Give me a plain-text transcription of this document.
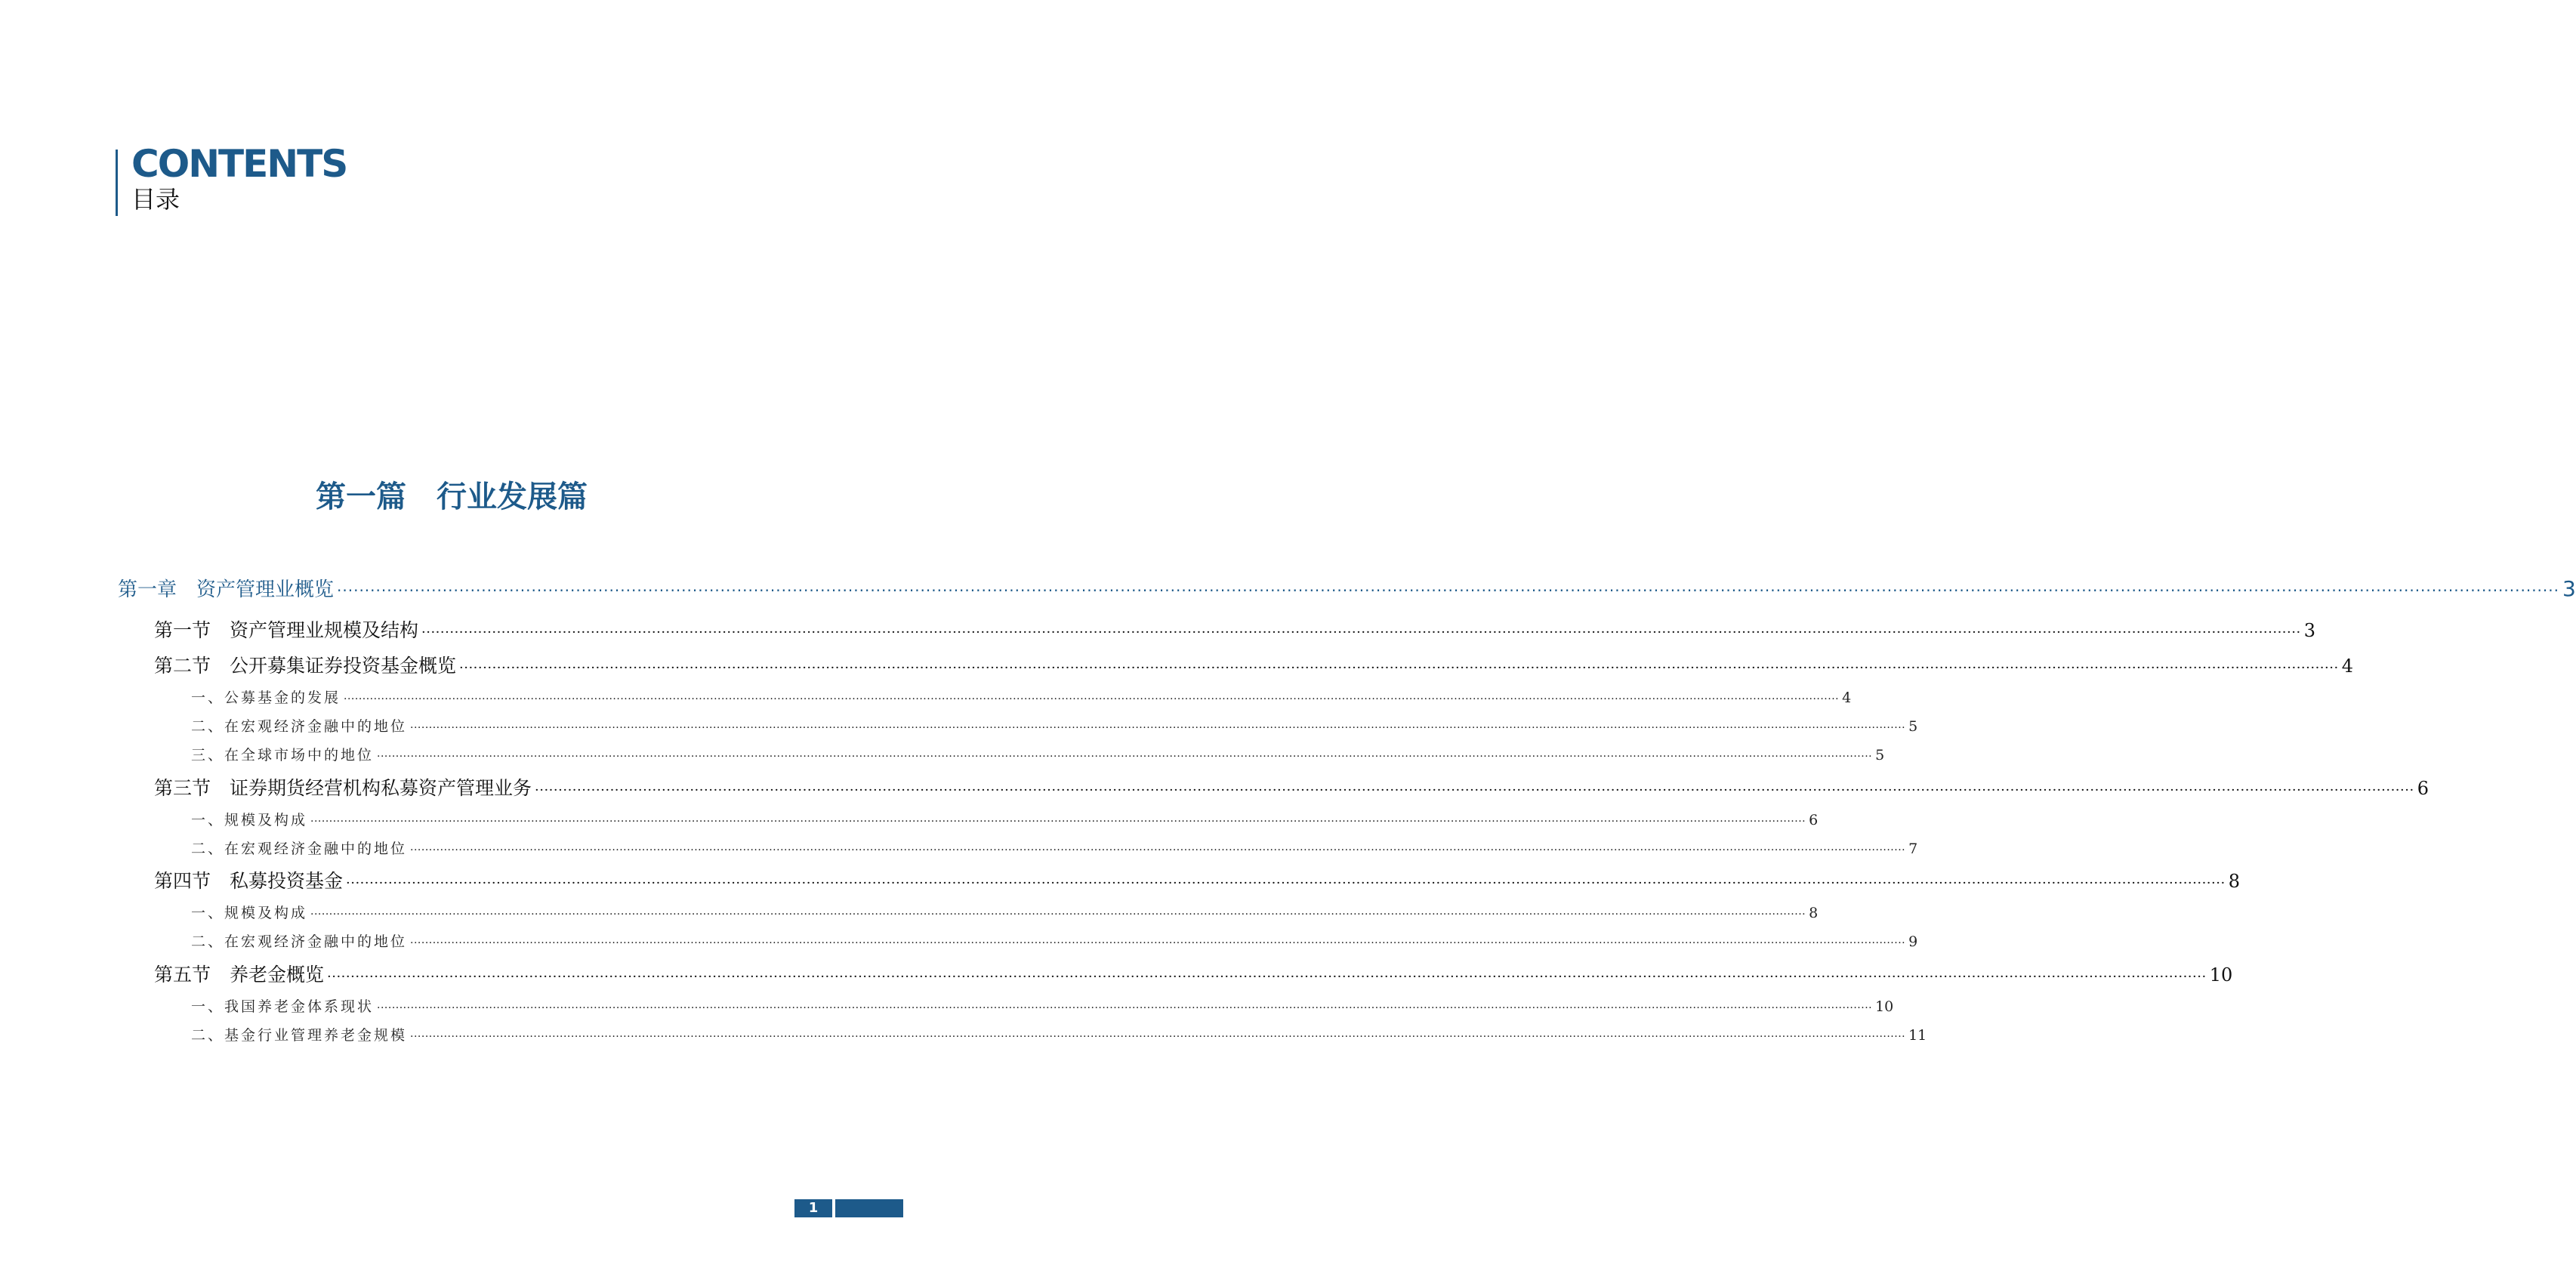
CONTENTS
目录
第一篇　行业发展篇
第一章　资产管理业概览 ················································································································································································································································································································································································································ 3
第一节　资产管理业规模及结构 ················································································································································································································································································································································································································ 3
第二节　公开募集证券投资基金概览 ················································································································································································································································································································································································································ 4
一、公募基金的发展 ················································································································································································································································································································································································································ 4
二、在宏观经济金融中的地位 ················································································································································································································································································································································································································ 5
三、在全球市场中的地位 ················································································································································································································································································································································································································ 5
第三节　证券期货经营机构私募资产管理业务 ················································································································································································································································································································································································································ 6
一、规模及构成 ················································································································································································································································································································································································································ 6
二、在宏观经济金融中的地位 ················································································································································································································································································································································································································ 7
第四节　私募投资基金 ················································································································································································································································································································································································································ 8
一、规模及构成 ················································································································································································································································································································································································································ 8
二、在宏观经济金融中的地位 ················································································································································································································································································································································································································ 9
第五节　养老金概览 ················································································································································································································································································································································································································ 10
一、我国养老金体系现状 ················································································································································································································································································································································································································ 10
二、基金行业管理养老金规模 ················································································································································································································································································································································································································ 11
1
